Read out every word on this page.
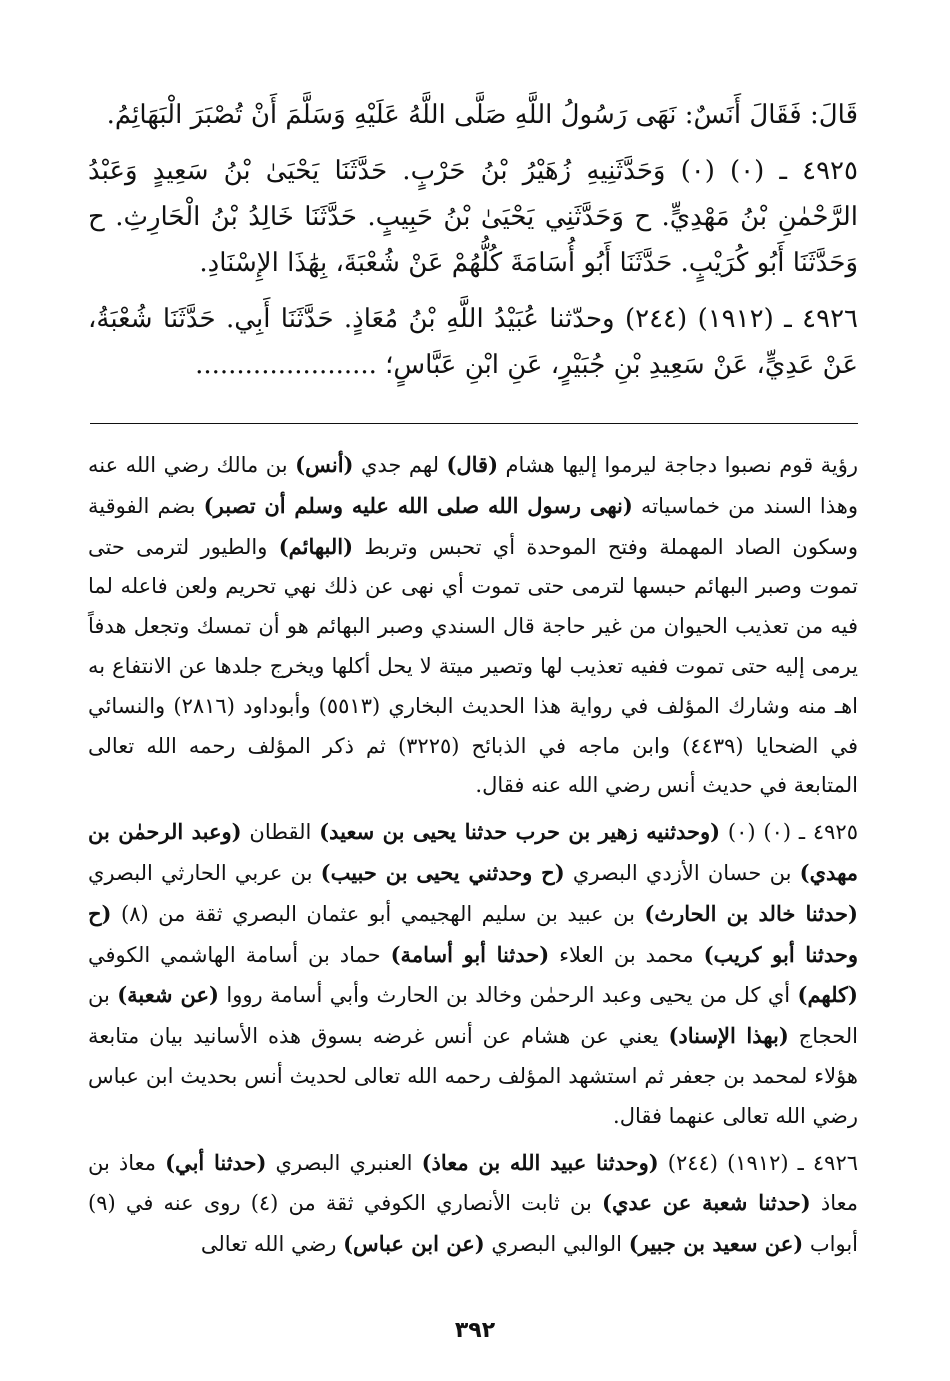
قَالَ: فَقَالَ أَنَسٌ: نَهَى رَسُولُ اللَّهِ صَلَّى اللَّهُ عَلَيْهِ وَسَلَّمَ أَنْ تُصْبَرَ الْبَهَائِمُ.

٤٩٢٥ ـ (٠) (٠) وَحَدَّثَنِيهِ زُهَيْرُ بْنُ حَرْبٍ. حَدَّثَنَا يَحْيَىٰ بْنُ سَعِيدٍ وَعَبْدُ الرَّحْمٰنِ بْنُ مَهْدِيٍّ. ح وَحَدَّثَنِي يَحْيَىٰ بْنُ حَبِيبٍ. حَدَّثَنَا خَالِدُ بْنُ الْحَارِثِ. ح وَحَدَّثَنَا أَبُو كُرَيْبٍ. حَدَّثَنَا أَبُو أُسَامَةَ كُلُّهُمْ عَنْ شُعْبَةَ، بِهَٰذَا الإِسْنَادِ.

٤٩٢٦ ـ (١٩١٢) (٢٤٤) وحدّثنا عُبَيْدُ اللَّهِ بْنُ مُعَاذٍ. حَدَّثَنَا أَبِي. حَدَّثَنَا شُعْبَةُ، عَنْ عَدِيٍّ، عَنْ سَعِيدِ بْنِ جُبَيْرٍ، عَنِ ابْنِ عَبَّاسٍ؛ ......................

رؤية قوم نصبوا دجاجة ليرموا إليها هشام (قال) لهم جدي (أنس) بن مالك رضي الله عنه وهذا السند من خماسياته (نهى رسول الله صلى الله عليه وسلم أن تصبر) بضم الفوقية وسكون الصاد المهملة وفتح الموحدة أي تحبس وتربط (البهائم) والطيور لترمى حتى تموت وصبر البهائم حبسها لترمى حتى تموت أي نهى عن ذلك نهي تحريم ولعن فاعله لما فيه من تعذيب الحيوان من غير حاجة قال السندي وصبر البهائم هو أن تمسك وتجعل هدفاً يرمى إليه حتى تموت ففيه تعذيب لها وتصير ميتة لا يحل أكلها ويخرج جلدها عن الانتفاع به اهـ منه وشارك المؤلف في رواية هذا الحديث البخاري (٥٥١٣) وأبوداود (٢٨١٦) والنسائي في الضحايا (٤٤٣٩) وابن ماجه في الذبائح (٣٢٢٥) ثم ذكر المؤلف رحمه الله تعالى المتابعة في حديث أنس رضي الله عنه فقال.

٤٩٢٥ ـ (٠) (٠) (وحدثنيه زهير بن حرب حدثنا يحيى بن سعيد) القطان (وعبد الرحمٰن بن مهدي) بن حسان الأزدي البصري (ح وحدثني يحيى بن حبيب) بن عربي الحارثي البصري (حدثنا خالد بن الحارث) بن عبيد بن سليم الهجيمي أبو عثمان البصري ثقة من (٨) (ح وحدثنا أبو كريب) محمد بن العلاء (حدثنا أبو أسامة) حماد بن أسامة الهاشمي الكوفي (كلهم) أي كل من يحيى وعبد الرحمٰن وخالد بن الحارث وأبي أسامة رووا (عن شعبة) بن الحجاج (بهذا الإسناد) يعني عن هشام عن أنس غرضه بسوق هذه الأسانيد بيان متابعة هؤلاء لمحمد بن جعفر ثم استشهد المؤلف رحمه الله تعالى لحديث أنس بحديث ابن عباس رضي الله تعالى عنهما فقال.

٤٩٢٦ ـ (١٩١٢) (٢٤٤) (وحدثنا عبيد الله بن معاذ) العنبري البصري (حدثنا أبي) معاذ بن معاذ (حدثنا شعبة عن عدي) بن ثابت الأنصاري الكوفي ثقة من (٤) روى عنه في (٩) أبواب (عن سعيد بن جبير) الوالبي البصري (عن ابن عباس) رضي الله تعالى

٣٩٢
